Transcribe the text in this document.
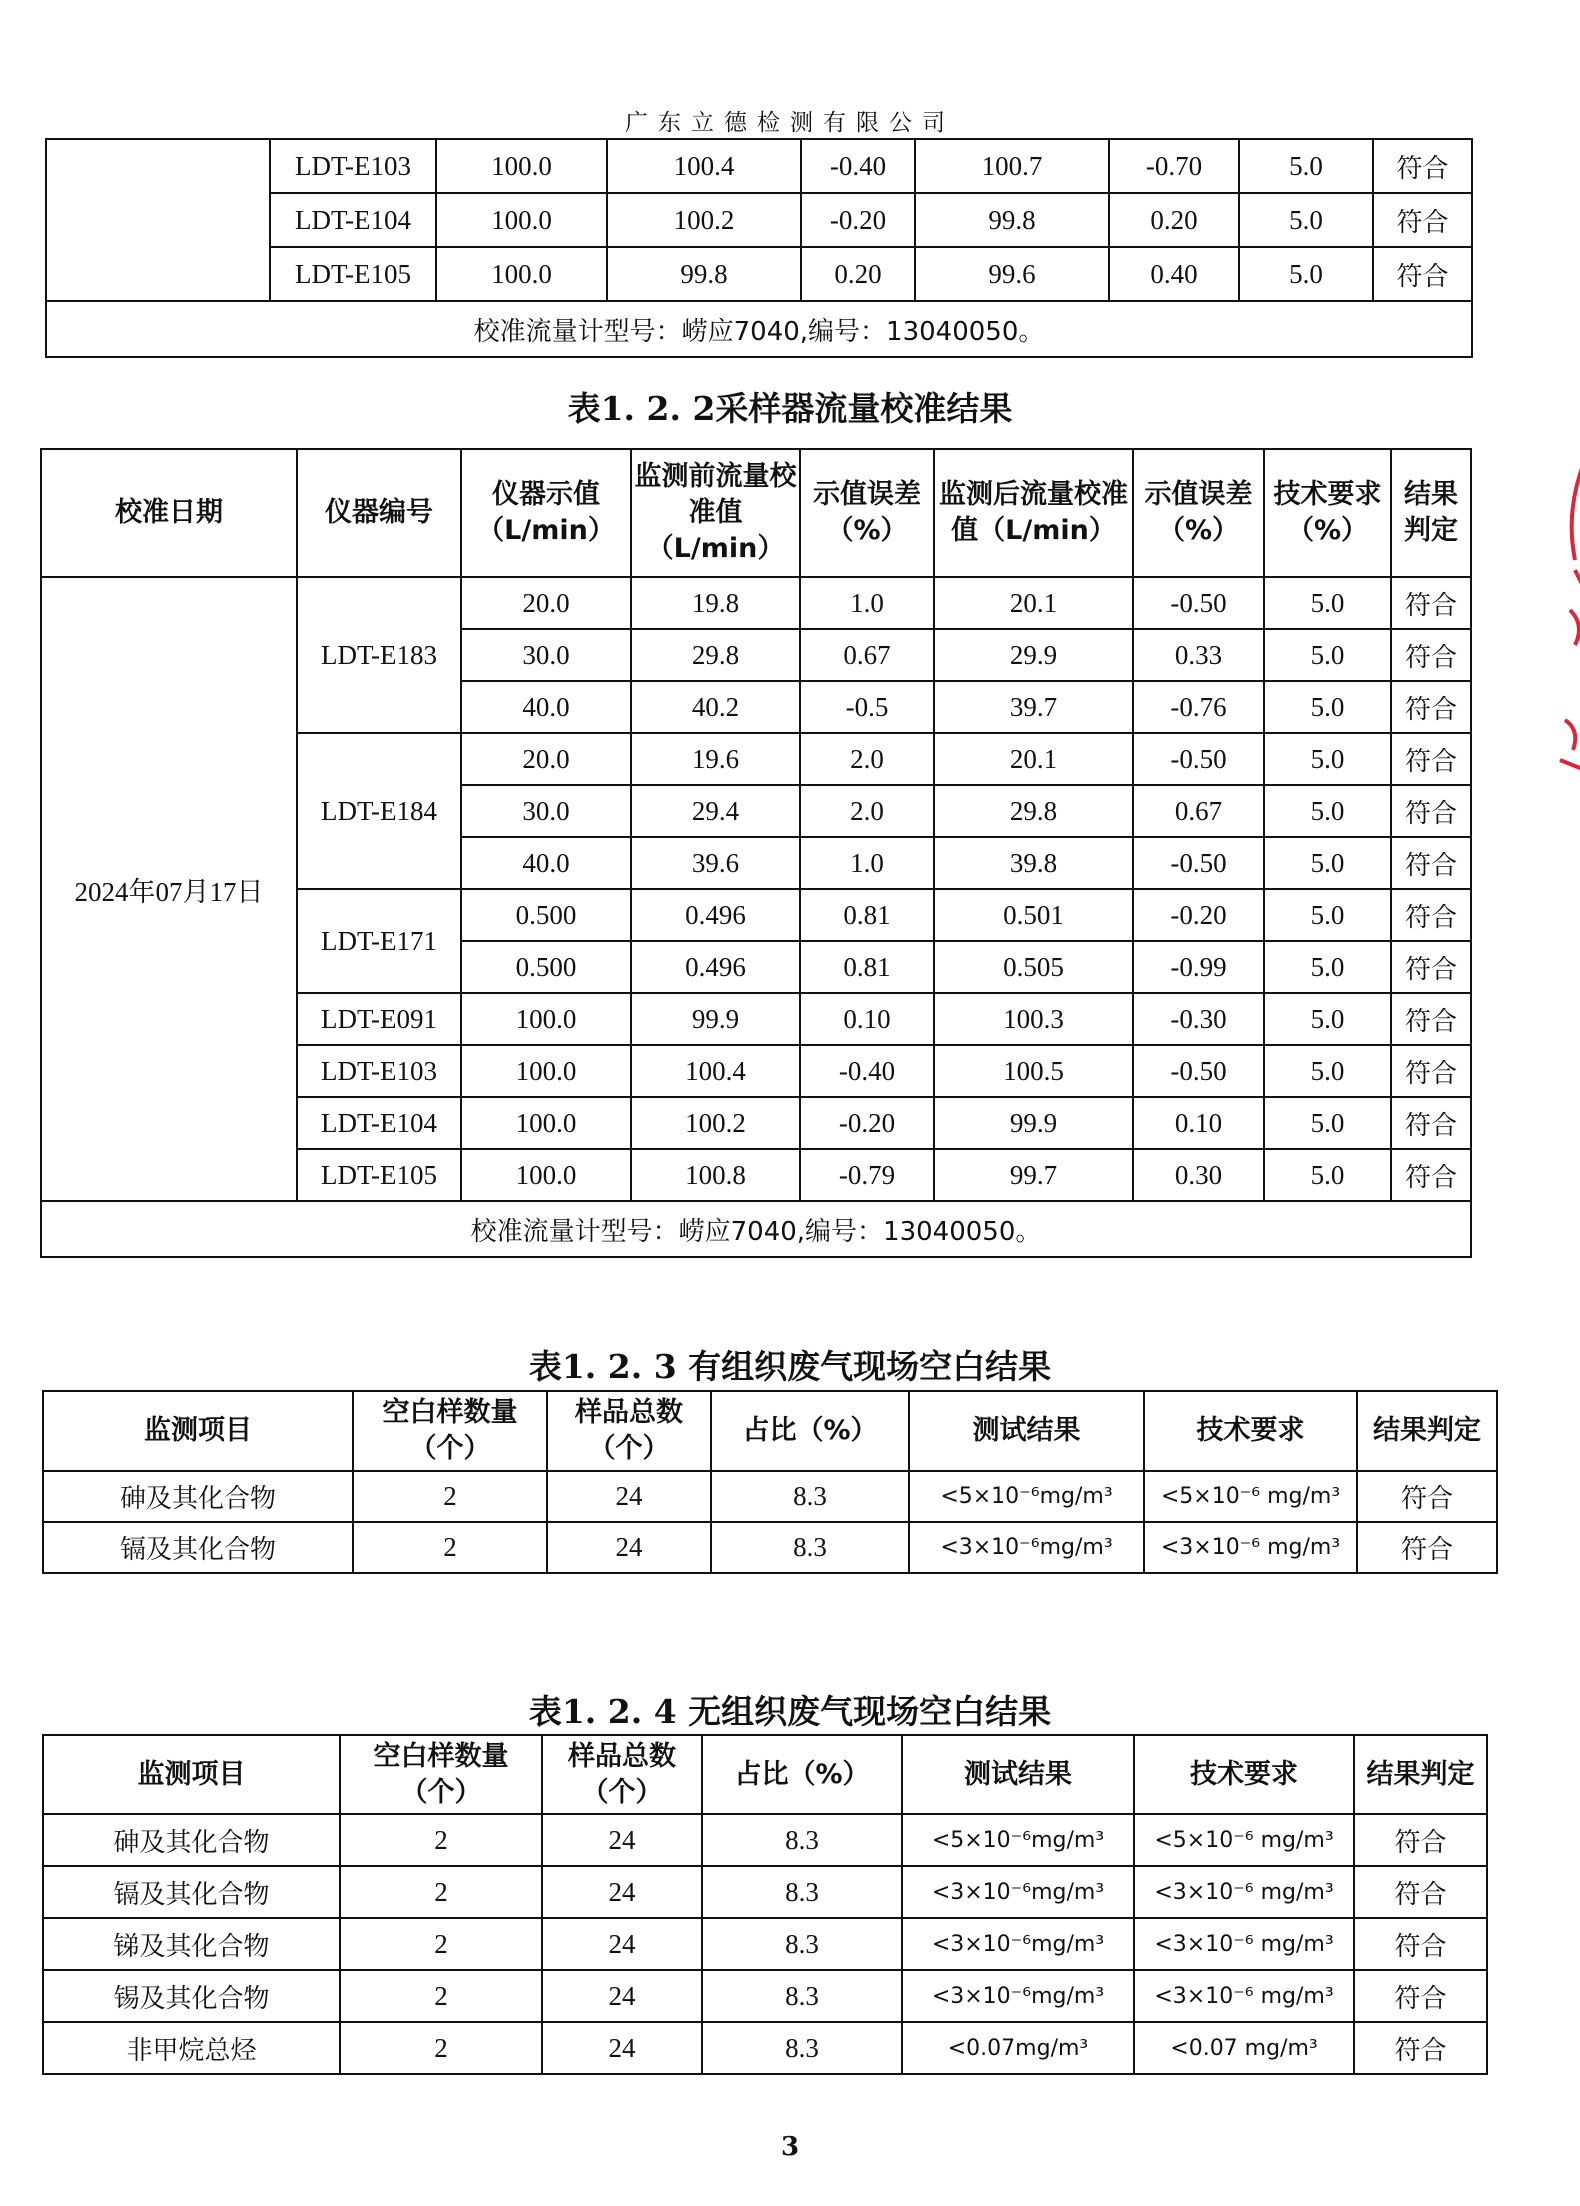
广东立德检测有限公司
	LDT-E103	100.0	100.4	-0.40	100.7	-0.70	5.0	符合
	LDT-E104	100.0	100.2	-0.20	99.8	0.20	5.0	符合
	LDT-E105	100.0	99.8	0.20	99.6	0.40	5.0	符合
校准流量计型号：崂应7040,编号：13040050。								
表1. 2. 2采样器流量校准结果
校准日期	仪器编号	仪器示值（L/min）	监测前流量校准值（L/min）	示值误差（%）	监测后流量校准值（L/min）	示值误差（%）	技术要求（%）	结果判定
2024年07月17日	LDT-E183	20.0	19.8	1.0	20.1	-0.50	5.0	符合
		30.0	29.8	0.67	29.9	0.33	5.0	符合
		40.0	40.2	-0.5	39.7	-0.76	5.0	符合
	LDT-E184	20.0	19.6	2.0	20.1	-0.50	5.0	符合
		30.0	29.4	2.0	29.8	0.67	5.0	符合
		40.0	39.6	1.0	39.8	-0.50	5.0	符合
	LDT-E171	0.500	0.496	0.81	0.501	-0.20	5.0	符合
		0.500	0.496	0.81	0.505	-0.99	5.0	符合
	LDT-E091	100.0	99.9	0.10	100.3	-0.30	5.0	符合
	LDT-E103	100.0	100.4	-0.40	100.5	-0.50	5.0	符合
	LDT-E104	100.0	100.2	-0.20	99.9	0.10	5.0	符合
	LDT-E105	100.0	100.8	-0.79	99.7	0.30	5.0	符合
校准流量计型号：崂应7040,编号：13040050。								
表1. 2. 3 有组织废气现场空白结果
监测项目	空白样数量（个）	样品总数（个）	占比（%）	测试结果	技术要求	结果判定
砷及其化合物	2	24	8.3	<5×10⁻⁶mg/m³	<5×10⁻⁶ mg/m³	符合
镉及其化合物	2	24	8.3	<3×10⁻⁶mg/m³	<3×10⁻⁶ mg/m³	符合
表1. 2. 4 无组织废气现场空白结果
监测项目	空白样数量（个）	样品总数（个）	占比（%）	测试结果	技术要求	结果判定
砷及其化合物	2	24	8.3	<5×10⁻⁶mg/m³	<5×10⁻⁶ mg/m³	符合
镉及其化合物	2	24	8.3	<3×10⁻⁶mg/m³	<3×10⁻⁶ mg/m³	符合
锑及其化合物	2	24	8.3	<3×10⁻⁶mg/m³	<3×10⁻⁶ mg/m³	符合
锡及其化合物	2	24	8.3	<3×10⁻⁶mg/m³	<3×10⁻⁶ mg/m³	符合
非甲烷总烃	2	24	8.3	<0.07mg/m³	<0.07 mg/m³	符合
3
